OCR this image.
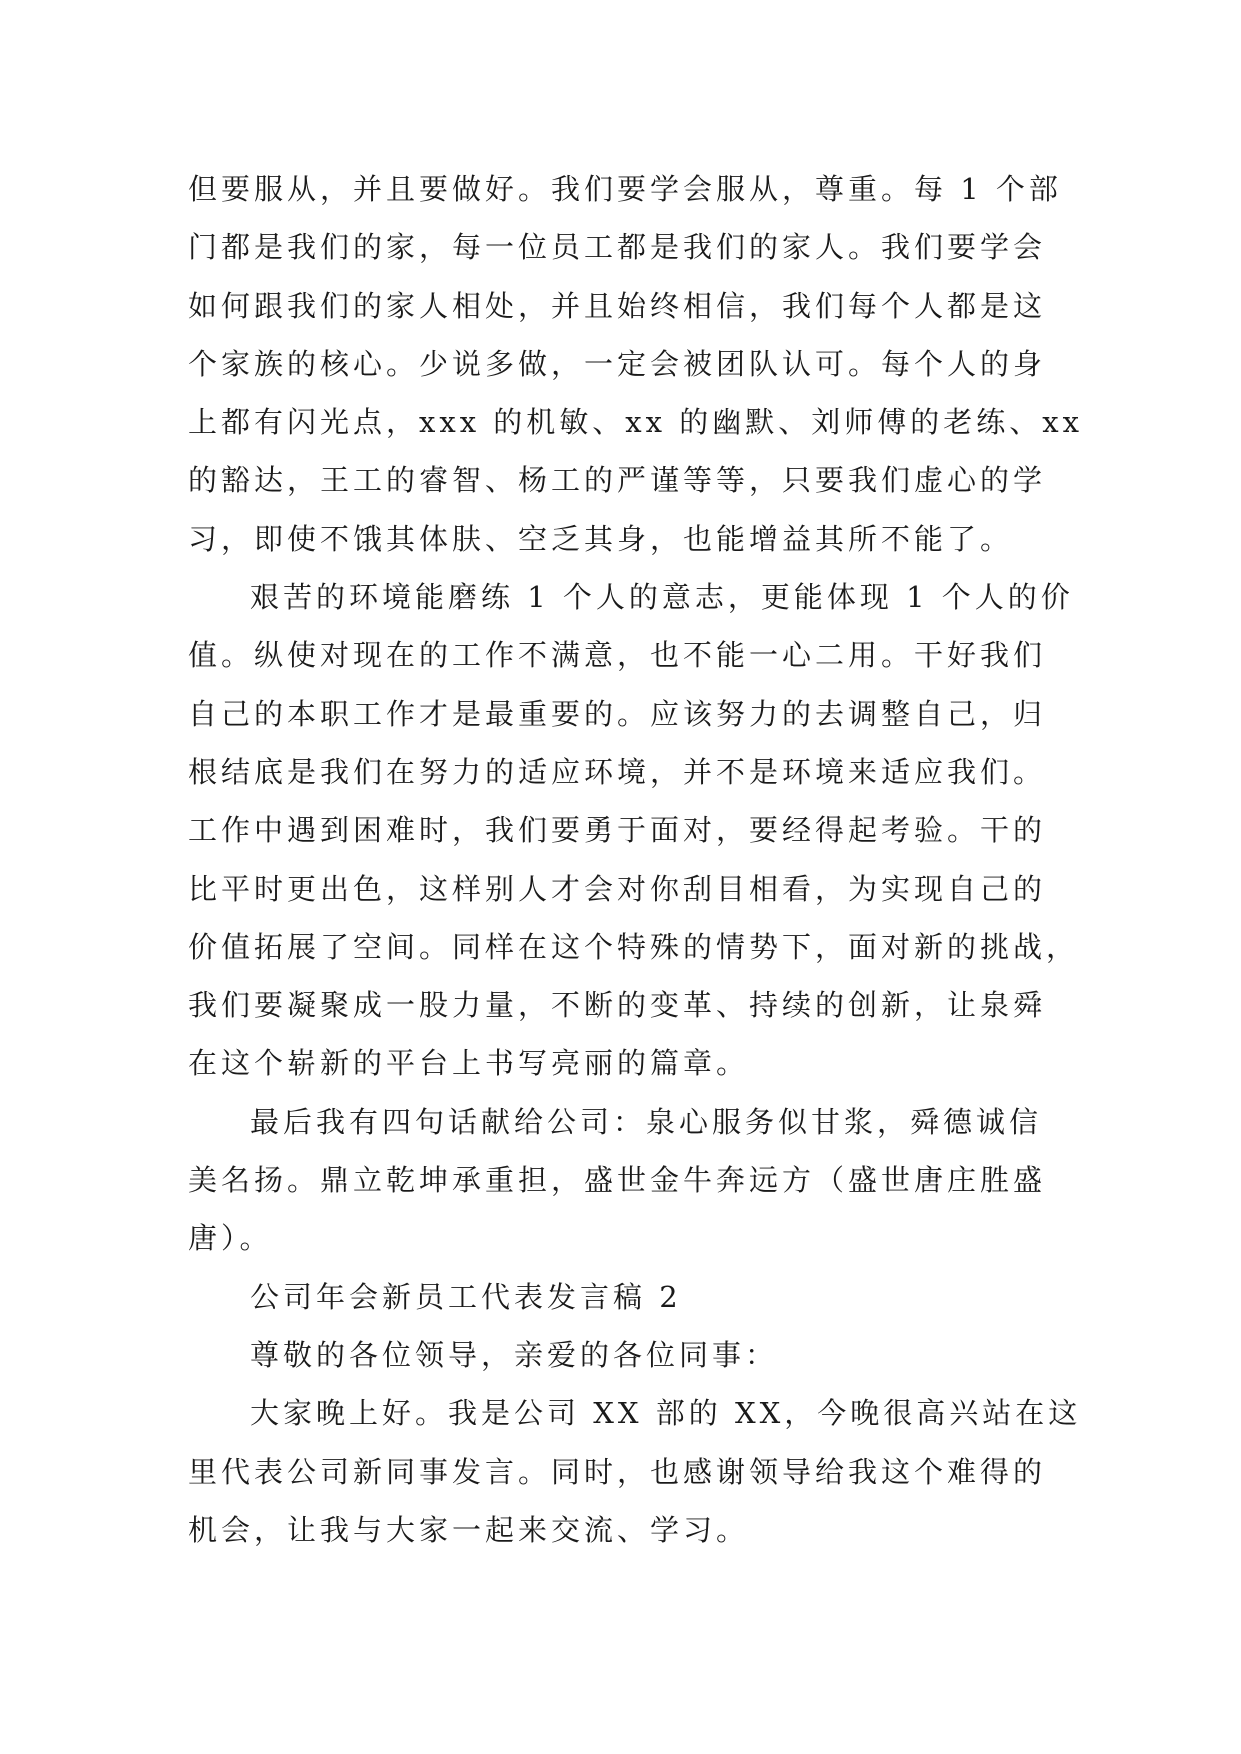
但要服从，并且要做好。我们要学会服从，尊重。每 1 个部
门都是我们的家，每一位员工都是我们的家人。我们要学会
如何跟我们的家人相处，并且始终相信，我们每个人都是这
个家族的核心。少说多做，一定会被团队认可。每个人的身
上都有闪光点，xxx 的机敏、xx 的幽默、刘师傅的老练、xx
的豁达，王工的睿智、杨工的严谨等等，只要我们虚心的学
习，即使不饿其体肤、空乏其身，也能增益其所不能了。
艰苦的环境能磨练 1 个人的意志，更能体现 1 个人的价
值。纵使对现在的工作不满意，也不能一心二用。干好我们
自己的本职工作才是最重要的。应该努力的去调整自己，归
根结底是我们在努力的适应环境，并不是环境来适应我们。
工作中遇到困难时，我们要勇于面对，要经得起考验。干的
比平时更出色，这样别人才会对你刮目相看，为实现自己的
价值拓展了空间。同样在这个特殊的情势下，面对新的挑战，
我们要凝聚成一股力量，不断的变革、持续的创新，让泉舜
在这个崭新的平台上书写亮丽的篇章。
最后我有四句话献给公司：泉心服务似甘浆，舜德诚信
美名扬。鼎立乾坤承重担，盛世金牛奔远方（盛世唐庄胜盛
唐）。
公司年会新员工代表发言稿 2
尊敬的各位领导，亲爱的各位同事：
大家晚上好。我是公司 XX 部的 XX，今晚很高兴站在这
里代表公司新同事发言。同时，也感谢领导给我这个难得的
机会，让我与大家一起来交流、学习。
